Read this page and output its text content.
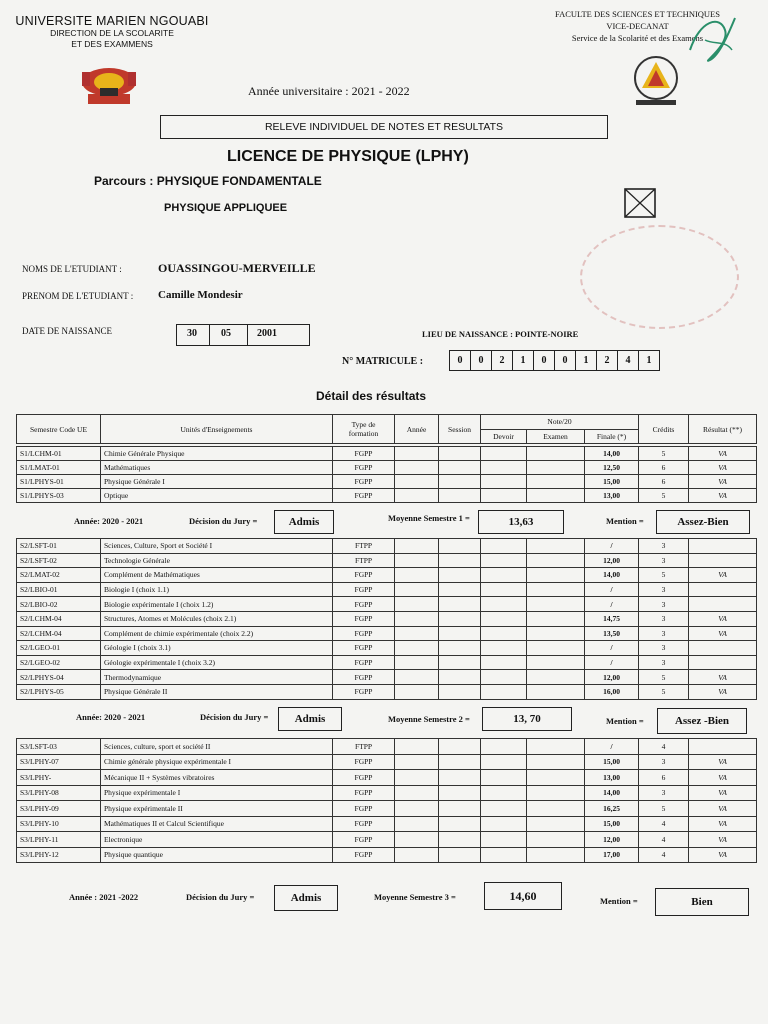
UNIVERSITE MARIEN NGOUABI
DIRECTION DE LA SCOLARITE
ET DES EXAMMENS
FACULTE DES SCIENCES ET TECHNIQUES
VICE-DECANAT
Service de la Scolarité et des Examens
Année universitaire : 2021 - 2022
RELEVE INDIVIDUEL DE NOTES ET RESULTATS
LICENCE DE PHYSIQUE (LPHY)
Parcours : PHYSIQUE FONDAMENTALE
PHYSIQUE APPLIQUEE
NOMS DE L'ETUDIANT :	OUASSINGOU-MERVEILLE
PRENOM DE L'ETUDIANT : Camille Mondesir
DATE DE NAISSANCE	30 05	2001	LIEU DE NAISSANCE : POINTE-NOIRE
N° MATRICULE :	0	0	2	1	0	0	1	2	4	1
Détail des résultats
Semestre Code UE	Unités d'Enseignements	Type de formation	Année	Session	Note/20			Crédits	Résultat (**)
					Devoir	Examen	Finale (*)		
S1/LCHM-01	Chimie Générale Physique	FGPP					14,00	5	VA
S1/LMAT-01	Mathématiques	FGPP					12,50	6	VA
S1/LPHYS-01	Physique Générale I	FGPP					15,00	6	VA
S1/LPHYS-03	Optique	FGPP					13,00	5	VA
S2/LSFT-01	Sciences, Culture, Sport et Société I	FTPP					/	3	
S2/LSFT-02	Technologie Générale	FTPP					12,00	3	
S2/LMAT-02	Complément de Mathématiques	FGPP					14,00	5	VA
S2/LBIO-01	Biologie I (choix 1.1)	FGPP					/	3	
S2/LBIO-02	Biologie expérimentale I (choix 1.2)	FGPP					/	3	
S2/LCHM-04	Structures, Atomes et Molécules (choix 2.1)	FGPP					14,75	3	VA
S2/LCHM-04	Complément de chimie expérimentale (choix 2.2)	FGPP					13,50	3	VA
S2/LGEO-01	Géologie I (choix 3.1)	FGPP					/	3	
S2/LGEO-02	Géologie expérimentale I (choix 3.2)	FGPP					/	3	
S2/LPHYS-04	Thermodynamique	FGPP					12,00	5	VA
S2/LPHYS-05	Physique Générale II	FGPP					16,00	5	VA
S3/LSFT-03	Sciences, culture, sport et société II	FTPP					/	4	
S3/LPHY-07	Chimie générale physique expérimentale I	FGPP					15,00	3	VA
S3/LPHY-	Mécanique II + Systèmes vibratoires	FGPP					13,00	6	VA
S3/LPHY-08	Physique expérimentale I	FGPP					14,00	3	VA
S3/LPHY-09	Physique expérimentale II	FGPP					16,25	5	VA
S3/LPHY-10	Mathématiques II et Calcul Scientifique	FGPP					15,00	4	VA
S3/LPHY-11	Electronique	FGPP					12,00	4	VA
S3/LPHY-12	Physique quantique	FGPP					17,00	4	VA
Année: 2020 - 2021	Décision du Jury =	Admis	Moyenne Semestre 1 =	13,63	Mention =	Assez-Bien
Année: 2020 - 2021	Décision du Jury =	Admis	Moyenne Semestre 2 =	13, 70	Mention =	Assez -Bien
Année : 2021 -2022	Décision du Jury =	Admis	Moyenne Semestre 3 =	14,60	Mention =	Bien
